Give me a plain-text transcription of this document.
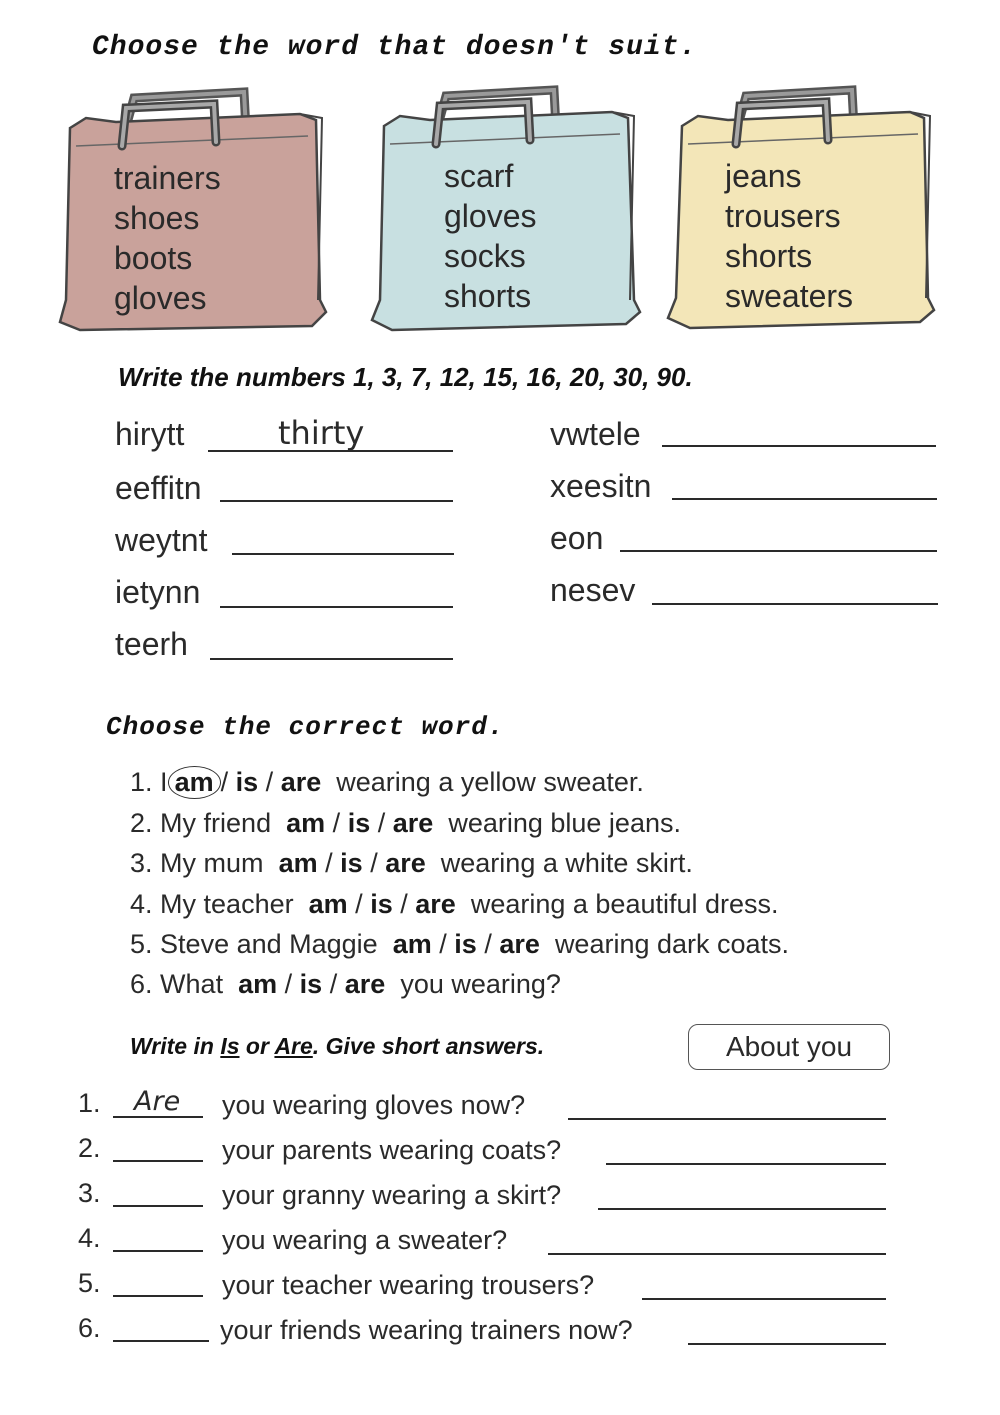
Choose the word that doesn't suit.
trainers
shoes
boots
gloves
scarf
gloves
socks
shorts
jeans
trousers
shorts
sweaters
Write the numbers 1, 3, 7, 12, 15, 16, 20, 30, 90.
hirytt	thirty
eeffitn
weytnt
ietynn
teerh
vwtele
xeesitn
eon
nesev
Choose the correct word.
1. I am / is / are wearing a yellow sweater.
2. My friend am / is / are wearing blue jeans.
3. My mum am / is / are wearing a white skirt.
4. My teacher am / is / are wearing a beautiful dress.
5. Steve and Maggie am / is / are wearing dark coats.
6. What am / is / are you wearing?
Write in Is or Are. Give short answers.	About you
1. Are you wearing gloves now?
2.	your parents wearing coats?
3.	your granny wearing a skirt?
4.	you wearing a sweater?
5.	your teacher wearing trousers?
6.	your friends wearing trainers now?
